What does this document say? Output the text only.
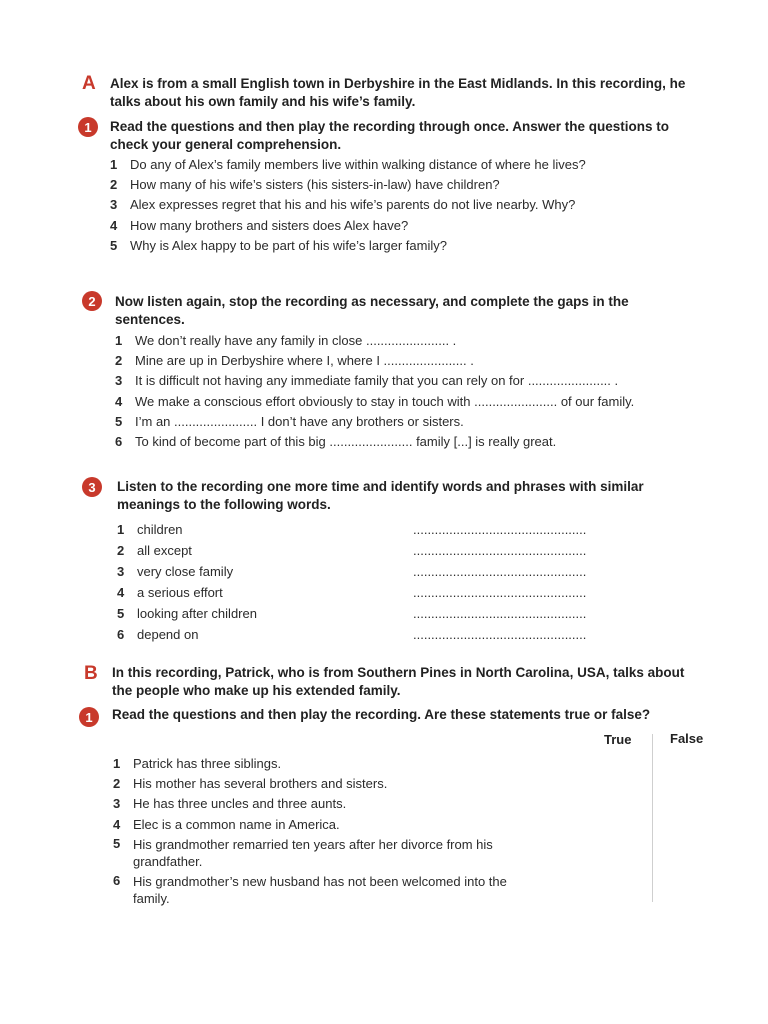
A Alex is from a small English town in Derbyshire in the East Midlands. In this recording, he talks about his own family and his wife’s family.
1	Read the questions and then play the recording through once. Answer the questions to check your general comprehension.
1 Do any of Alex’s family members live within walking distance of where he lives?
2 How many of his wife’s sisters (his sisters-in-law) have children?
3 Alex expresses regret that his and his wife’s parents do not live nearby. Why?
4 How many brothers and sisters does Alex have?
5 Why is Alex happy to be part of his wife’s larger family?
2	Now listen again, stop the recording as necessary, and complete the gaps in the sentences.
1 We don’t really have any family in close ....................... .
2 Mine are up in Derbyshire where I, where I ....................... .
3 It is difficult not having any immediate family that you can rely on for ....................... .
4 We make a conscious effort obviously to stay in touch with ....................... of our family.
5 I’m an ....................... I don’t have any brothers or sisters.
6 To kind of become part of this big ....................... family [...] is really great.
3	Listen to the recording one more time and identify words and phrases with similar meanings to the following words.
1 children	................................................
2 all except	................................................
3 very close family	................................................
4 a serious effort	................................................
5 looking after children	................................................
6 depend on	................................................
B In this recording, Patrick, who is from Southern Pines in North Carolina, USA, talks about the people who make up his extended family.
1	Read the questions and then play the recording. Are these statements true or false?
True	False
1 Patrick has three siblings.
2 His mother has several brothers and sisters.
3 He has three uncles and three aunts.
4 Elec is a common name in America.
5 His grandmother remarried ten years after her divorce from his grandfather.
6 His grandmother’s new husband has not been welcomed into the family.
